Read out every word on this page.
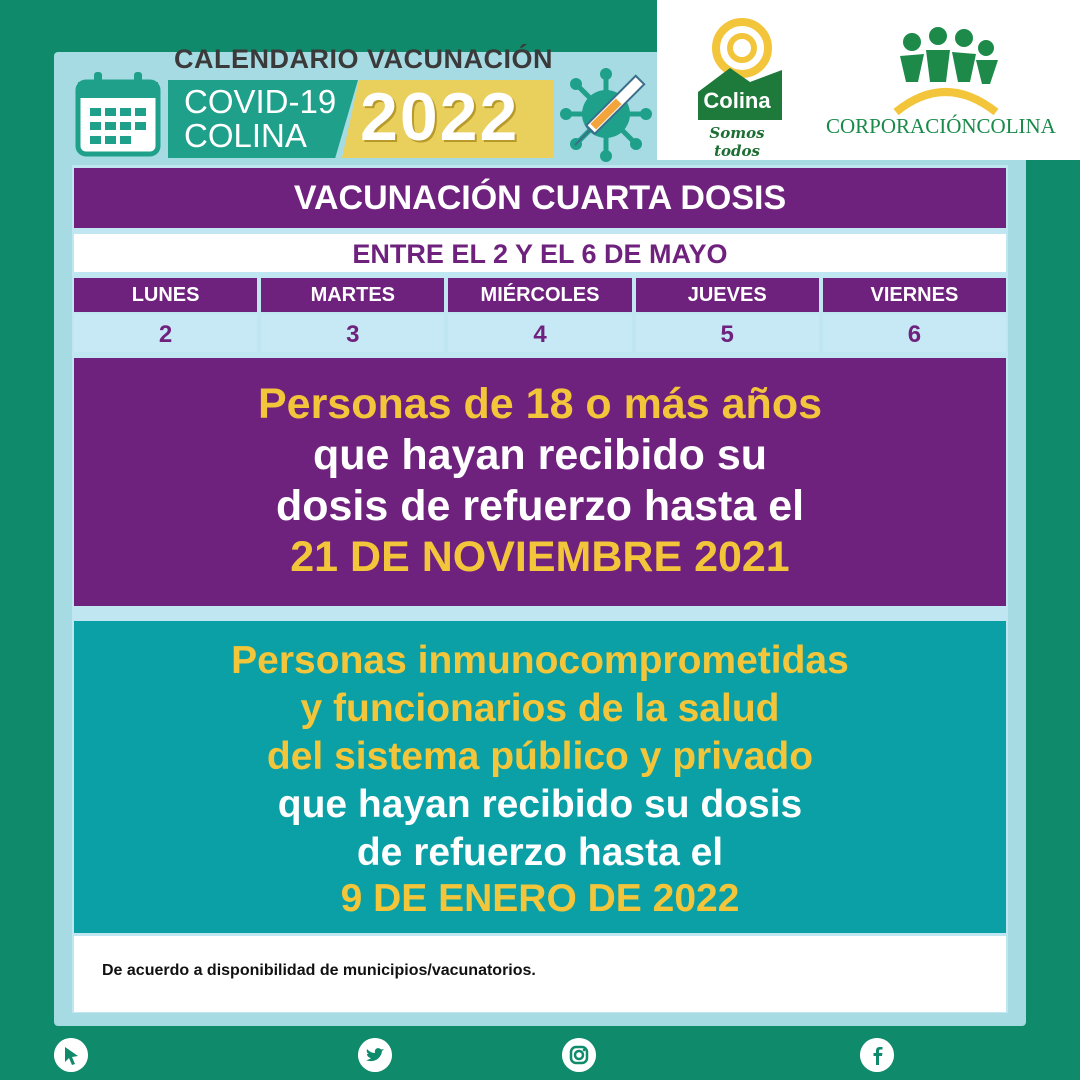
CALENDARIO VACUNACIÓN
COVID-19
COLINA 2022	Colina
Somos todos
CORPORACIÓNCOLINA
VACUNACIÓN CUARTA DOSIS
ENTRE EL 2 Y EL 6 DE MAYO
LUNES	MARTES	MIÉRCOLES	JUEVES	VIERNES
2	3	4	5	6
Personas de 18 o más años
que hayan recibido su
dosis de refuerzo hasta el
21 DE NOVIEMBRE 2021
Personas inmunocomprometidas
y funcionarios de la salud
del sistema público y privado
que hayan recibido su dosis
de refuerzo hasta el
9 DE ENERO DE 2022
De acuerdo a disponibilidad de municipios/vacunatorios.
